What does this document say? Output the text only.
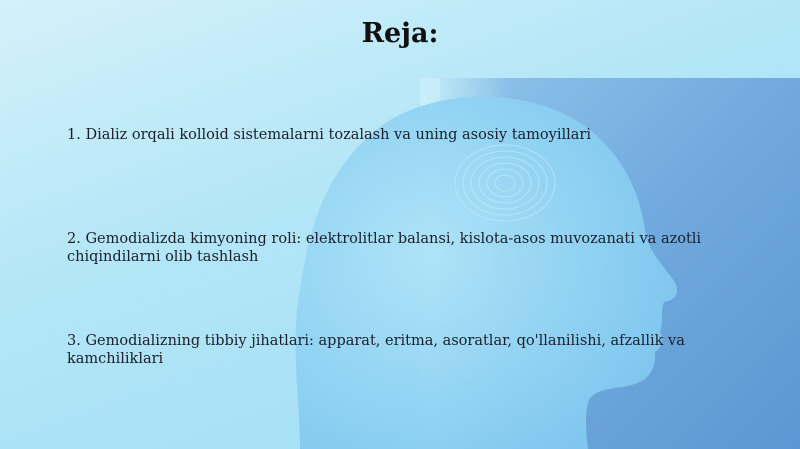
Reja:

1. Dializ orqali kolloid sistemalarni tozalash va uning asosiy tamoyillari

2. Gemodializda kimyoning roli: elektrolitlar balansi, kislota-asos muvozanati va azotli chiqindilarni olib tashlash

3. Gemodializning tibbiy jihatlari: apparat, eritma, asoratlar, qo'llanilishi, afzallik va kamchiliklari
